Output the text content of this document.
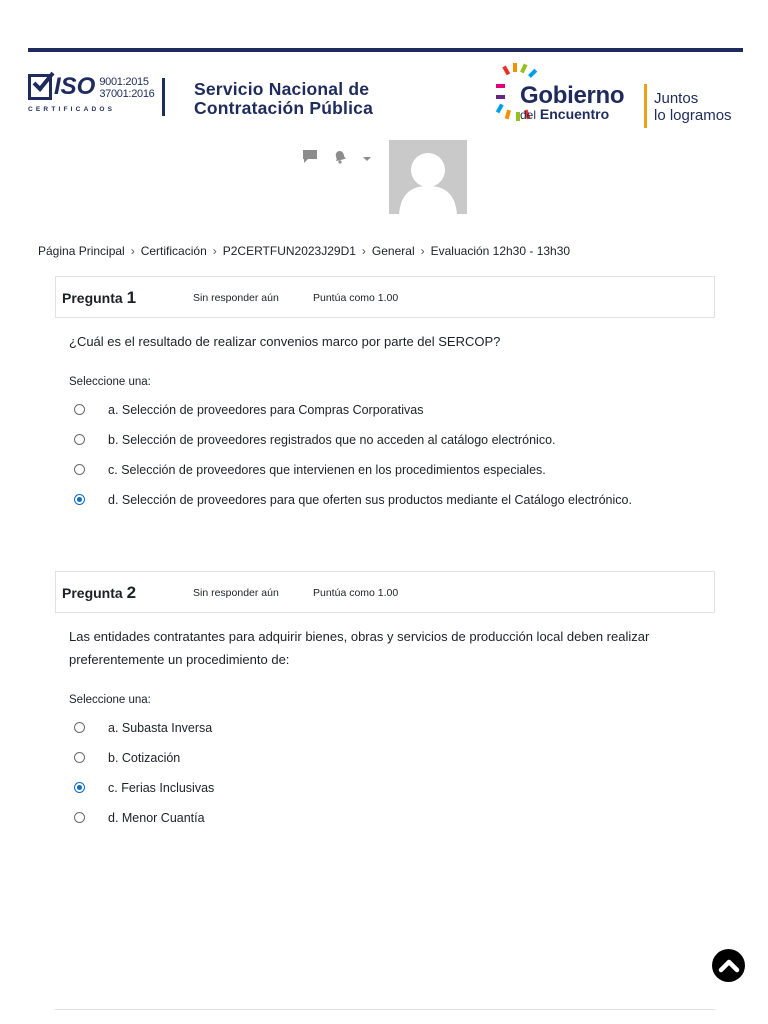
ISO 9001:2015
37001:2016
CERTIFICADOS
Servicio Nacional de
Contratación Pública	Gobierno
del Encuentro
Juntos
lo logramos
Página Principal › Certificación › P2CERTFUN2023J29D1 › General › Evaluación 12h30 - 13h30
Pregunta 1	Sin responder aún	Puntúa como 1.00
¿Cuál es el resultado de realizar convenios marco por parte del SERCOP?
Seleccione una:
a. Selección de proveedores para Compras Corporativas
b. Selección de proveedores registrados que no acceden al catálogo electrónico.
c. Selección de proveedores que intervienen en los procedimientos especiales.
d. Selección de proveedores para que oferten sus productos mediante el Catálogo electrónico.
Pregunta 2	Sin responder aún	Puntúa como 1.00
Las entidades contratantes para adquirir bienes, obras y servicios de producción local deben realizar preferentemente un procedimiento de:
Seleccione una:
a. Subasta Inversa
b. Cotización
c. Ferias Inclusivas
d. Menor Cuantía
